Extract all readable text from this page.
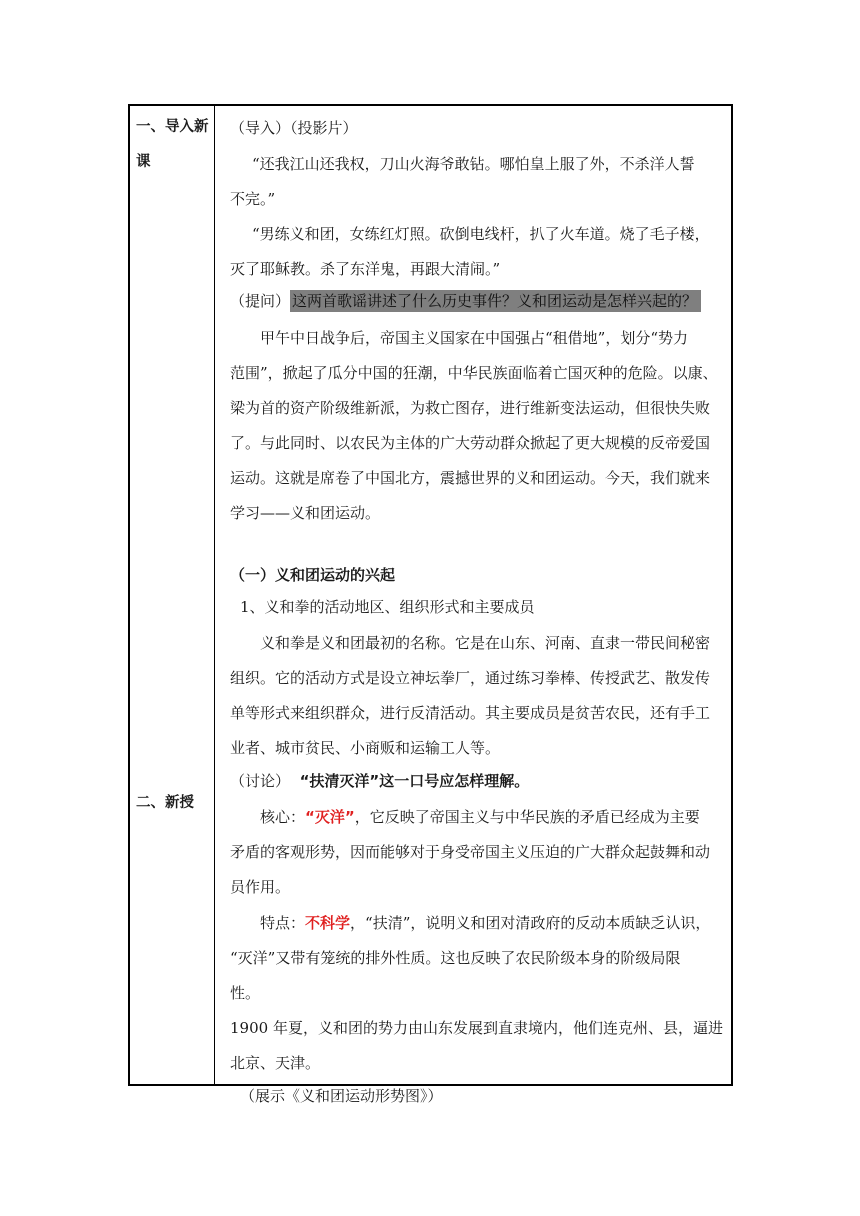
一、导入新
课
二、新授
（导入）（投影片）
“还我江山还我权，刀山火海爷敢钻。哪怕皇上服了外，不杀洋人誓
不完。”
“男练义和团，女练红灯照。砍倒电线杆，扒了火车道。烧了毛子楼，
灭了耶稣教。杀了东洋鬼，再跟大清闹。”
（提问） 这两首歌谣讲述了什么历史事件？义和团运动是怎样兴起的？
甲午中日战争后，帝国主义国家在中国强占“租借地”，划分“势力
范围”，掀起了瓜分中国的狂潮，中华民族面临着亡国灭种的危险。以康、
梁为首的资产阶级维新派，为救亡图存，进行维新变法运动，但很快失败
了。与此同时、以农民为主体的广大劳动群众掀起了更大规模的反帝爱国
运动。这就是席卷了中国北方，震撼世界的义和团运动。今天，我们就来
学习——义和团运动。
（一）义和团运动的兴起
1、义和拳的活动地区、组织形式和主要成员
义和拳是义和团最初的名称。它是在山东、河南、直隶一带民间秘密
组织。它的活动方式是设立神坛拳厂，通过练习拳棒、传授武艺、散发传
单等形式来组织群众，进行反清活动。其主要成员是贫苦农民，还有手工
业者、城市贫民、小商贩和运输工人等。
（讨论） “扶清灭洋”这一口号应怎样理解。
核心：“灭洋”，它反映了帝国主义与中华民族的矛盾已经成为主要
矛盾的客观形势，因而能够对于身受帝国主义压迫的广大群众起鼓舞和动
员作用。
特点：不科学，“扶清”，说明义和团对清政府的反动本质缺乏认识，
“灭洋”又带有笼统的排外性质。这也反映了农民阶级本身的阶级局限
性。
1900 年夏，义和团的势力由山东发展到直隶境内，他们连克州、县，逼进
北京、天津。
（展示《义和团运动形势图》）
